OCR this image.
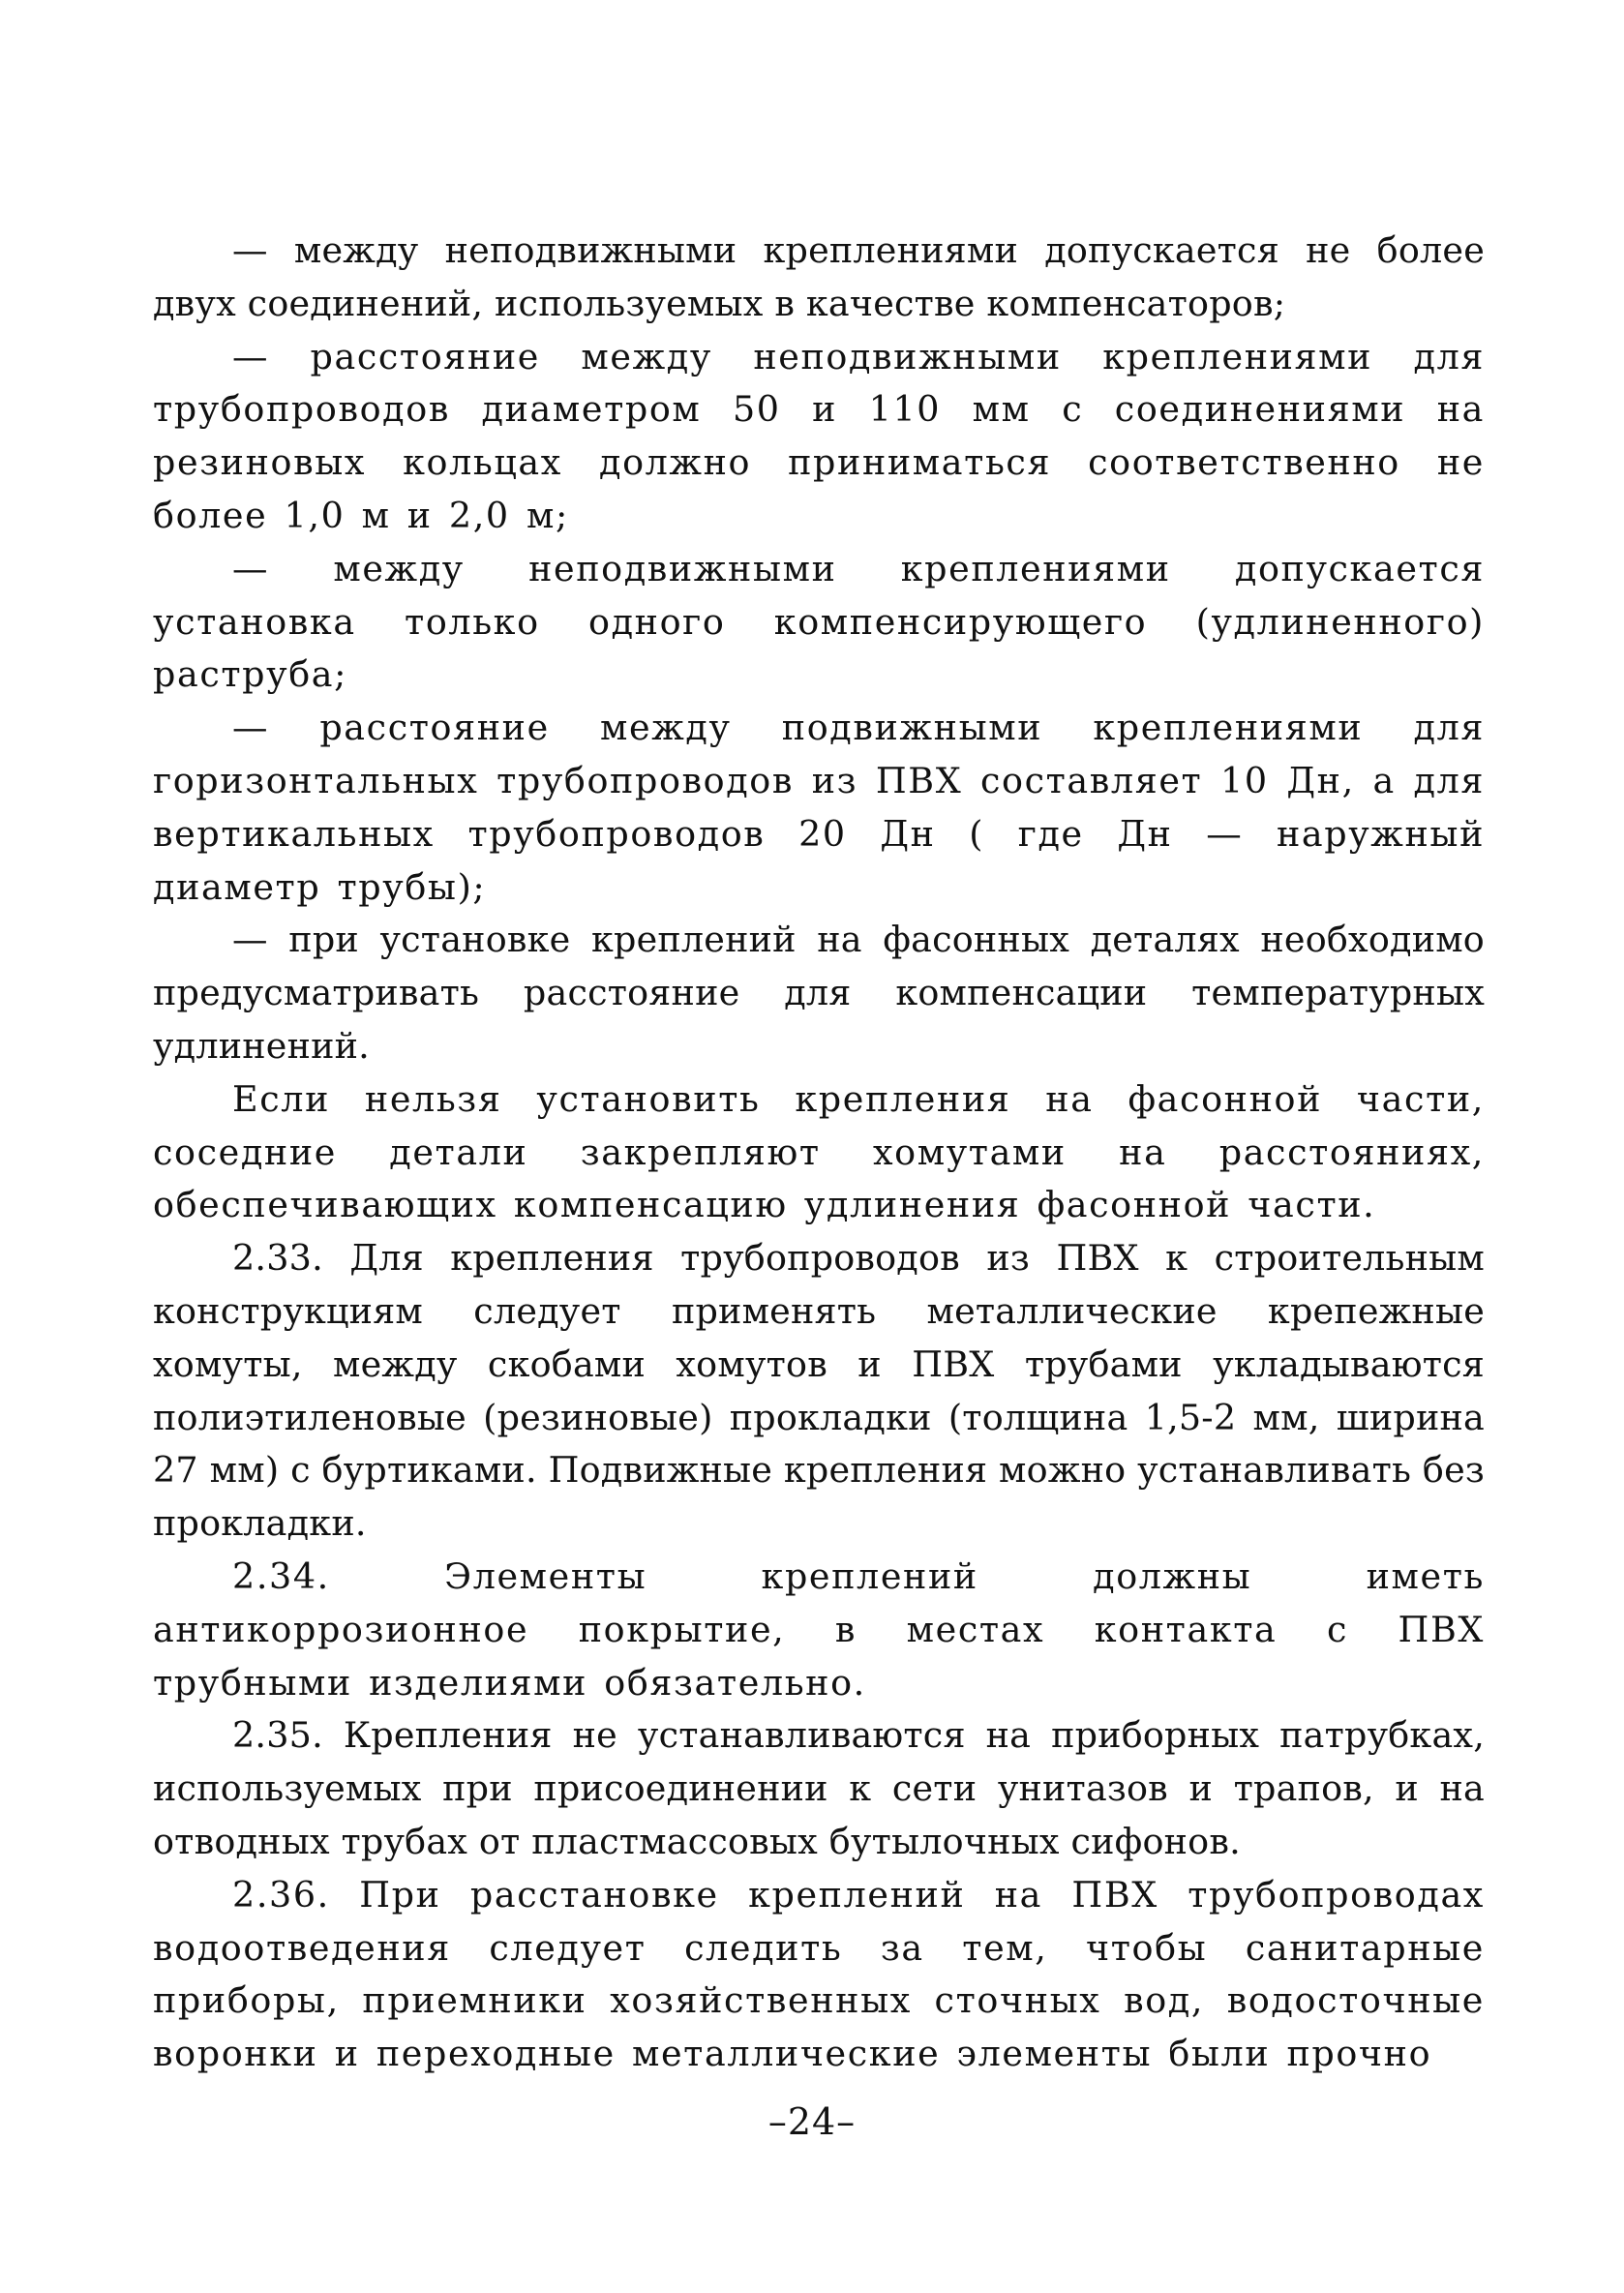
— между неподвижными креплениями допускается не более двух соединений, используемых в качестве компенсаторов;

— расстояние между неподвижными креплениями для трубопроводов диаметром 50 и 110 мм с соединениями на резиновых кольцах должно приниматься соответственно не более 1,0 м и 2,0 м;

— между неподвижными креплениями допускается установка только одного компенсирующего (удлиненного) раструба;

— расстояние между подвижными креплениями для горизонтальных трубопроводов из ПВХ составляет 10 Дн, а для вертикальных трубопроводов 20 Дн ( где Дн — наружный диаметр трубы);

— при установке креплений на фасонных деталях необходимо предусматривать расстояние для компенсации температурных удлинений.

Если нельзя установить крепления на фасонной части, соседние детали закрепляют хомутами на расстояниях, обеспечивающих компенсацию удлинения фасонной части.

2.33. Для крепления трубопроводов из ПВХ к строительным конструкциям следует применять металлические крепежные хомуты, между скобами хомутов и ПВХ трубами укладываются полиэтиленовые (резиновые) прокладки (толщина 1,5-2 мм, ширина 27 мм) с буртиками. Подвижные крепления можно устанавливать без прокладки.

2.34. Элементы креплений должны иметь антикоррозионное покрытие, в местах контакта с ПВХ трубными изделиями обязательно.

2.35. Крепления не устанавливаются на приборных патрубках, используемых при присоединении к сети унитазов и трапов, и на отводных трубах от пластмассовых бутылочных сифонов.

2.36. При расстановке креплений на ПВХ трубопроводах водоотведения следует следить за тем, чтобы санитарные приборы, приемники хозяйственных сточных вод, водосточные воронки и переходные металлические элементы были прочно

–24–
